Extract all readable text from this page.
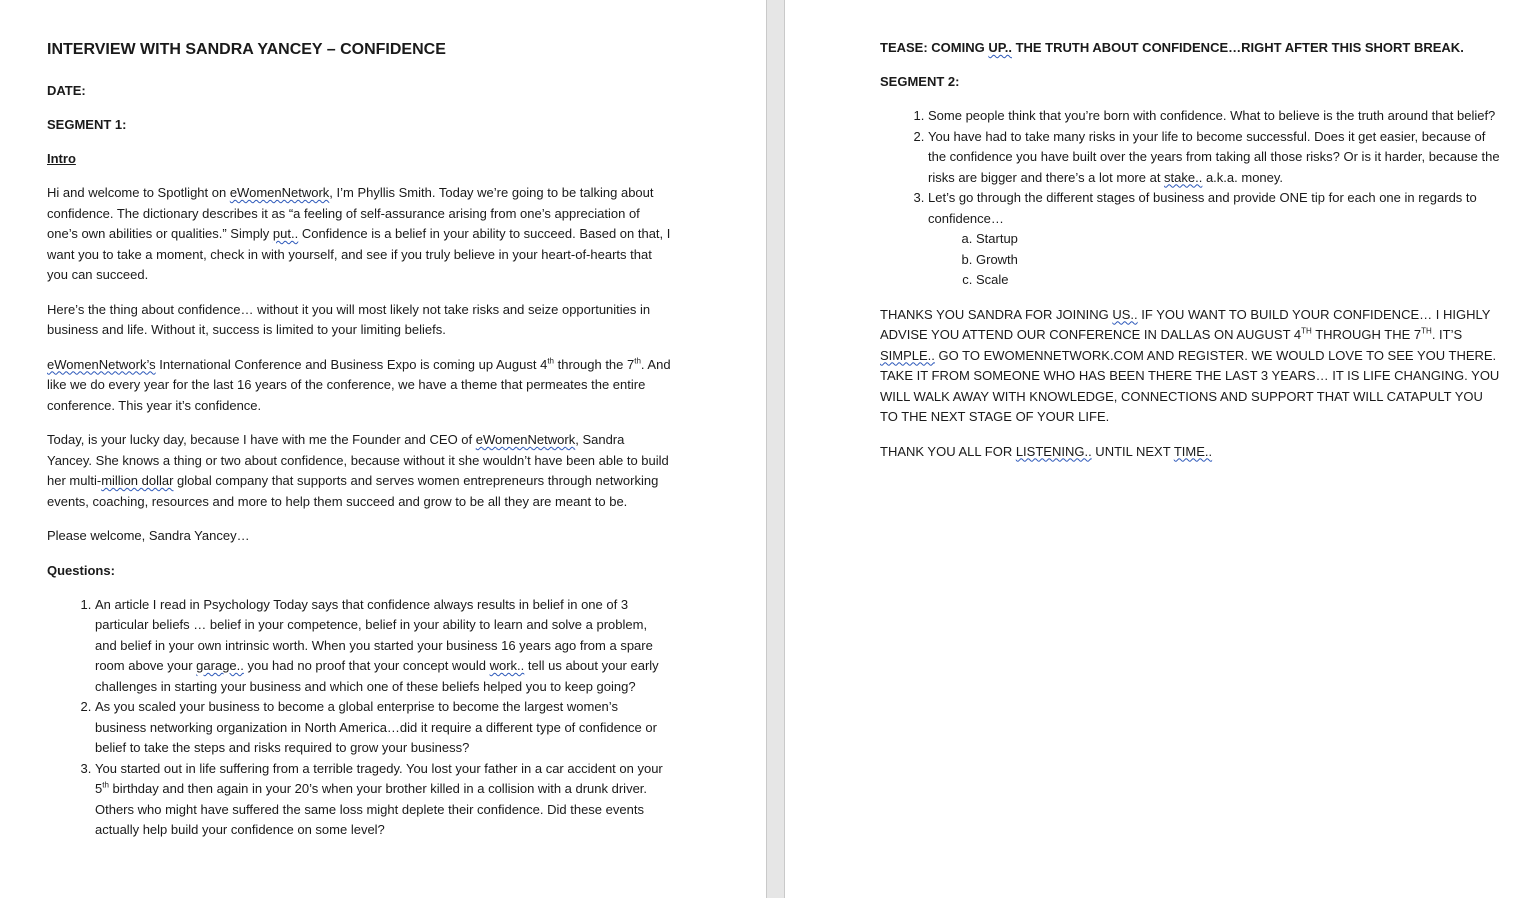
INTERVIEW WITH SANDRA YANCEY – CONFIDENCE
DATE:
SEGMENT 1:
Intro

Hi and welcome to Spotlight on eWomenNetwork, I’m Phyllis Smith. Today we’re going to be talking about confidence. The dictionary describes it as “a feeling of self-assurance arising from one’s appreciation of one’s own abilities or qualities.” Simply put.. Confidence is a belief in your ability to succeed. Based on that, I want you to take a moment, check in with yourself, and see if you truly believe in your heart-of-hearts that you can succeed.

Here’s the thing about confidence… without it you will most likely not take risks and seize opportunities in business and life. Without it, success is limited to your limiting beliefs.

eWomenNetwork’s International Conference and Business Expo is coming up August 4th through the 7th. And like we do every year for the last 16 years of the conference, we have a theme that permeates the entire conference. This year it’s confidence.

Today, is your lucky day, because I have with me the Founder and CEO of eWomenNetwork, Sandra Yancey. She knows a thing or two about confidence, because without it she wouldn’t have been able to build her multi-million dollar global company that supports and serves women entrepreneurs through networking events, coaching, resources and more to help them succeed and grow to be all they are meant to be.

Please welcome, Sandra Yancey…

Questions:
1. An article I read in Psychology Today says that confidence always results in belief in one of 3 particular beliefs … belief in your competence, belief in your ability to learn and solve a problem, and belief in your own intrinsic worth. When you started your business 16 years ago from a spare room above your garage.. you had no proof that your concept would work.. tell us about your early challenges in starting your business and which one of these beliefs helped you to keep going?
2. As you scaled your business to become a global enterprise to become the largest women’s business networking organization in North America…did it require a different type of confidence or belief to take the steps and risks required to grow your business?
3. You started out in life suffering from a terrible tragedy. You lost your father in a car accident on your 5th birthday and then again in your 20’s when your brother killed in a collision with a drunk driver. Others who might have suffered the same loss might deplete their confidence. Did these events actually help build your confidence on some level?
TEASE: COMING UP.. THE TRUTH ABOUT CONFIDENCE…RIGHT AFTER THIS SHORT BREAK.
SEGMENT 2:
1. Some people think that you’re born with confidence. What to believe is the truth around that belief?
2. You have had to take many risks in your life to become successful. Does it get easier, because of the confidence you have built over the years from taking all those risks? Or is it harder, because the risks are bigger and there’s a lot more at stake.. a.k.a. money.
3. Let’s go through the different stages of business and provide ONE tip for each one in regards to confidence…
a. Startup
b. Growth
c. Scale

THANKS YOU SANDRA FOR JOINING US.. IF YOU WANT TO BUILD YOUR CONFIDENCE… I HIGHLY ADVISE YOU ATTEND OUR CONFERENCE IN DALLAS ON AUGUST 4TH THROUGH THE 7TH. IT’S SIMPLE.. GO TO EWOMENNETWORK.COM AND REGISTER. WE WOULD LOVE TO SEE YOU THERE. TAKE IT FROM SOMEONE WHO HAS BEEN THERE THE LAST 3 YEARS… IT IS LIFE CHANGING. YOU WILL WALK AWAY WITH KNOWLEDGE, CONNECTIONS AND SUPPORT THAT WILL CATAPULT YOU TO THE NEXT STAGE OF YOUR LIFE.

THANK YOU ALL FOR LISTENING.. UNTIL NEXT TIME..
